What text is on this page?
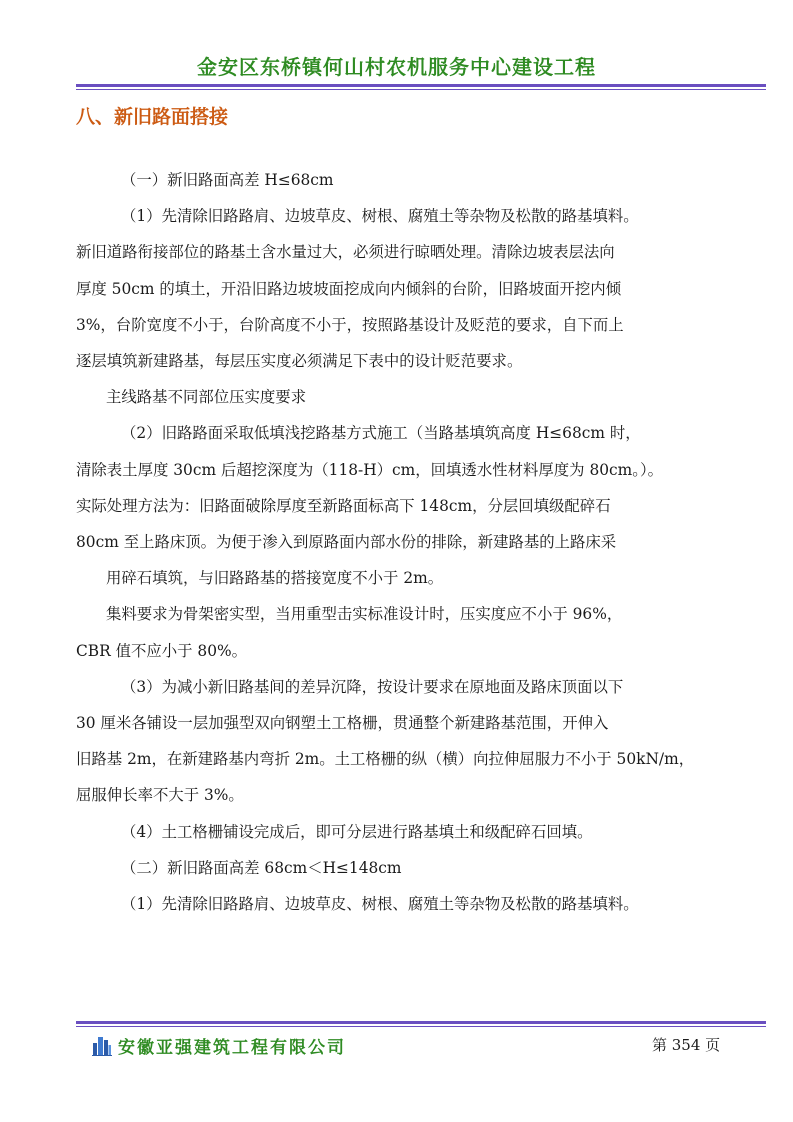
金安区东桥镇何山村农机服务中心建设工程
八、新旧路面搭接

（一）新旧路面高差 H≤68cm

（1）先清除旧路路肩、边坡草皮、树根、腐殖土等杂物及松散的路基填料。

新旧道路衔接部位的路基土含水量过大，必须进行晾晒处理。清除边坡表层法向

厚度 50cm 的填土，开沿旧路边坡坡面挖成向内倾斜的台阶，旧路坡面开挖内倾

3%，台阶宽度不小于，台阶高度不小于，按照路基设计及贬范的要求，自下而上

逐层填筑新建路基，每层压实度必须满足下表中的设计贬范要求。

主线路基不同部位压实度要求

（2）旧路路面采取低填浅挖路基方式施工（当路基填筑高度 H≤68cm 时，

清除表土厚度 30cm 后超挖深度为（118-H）cm，回填透水性材料厚度为 80cm。）。

实际处理方法为：旧路面破除厚度至新路面标高下 148cm，分层回填级配碎石

80cm 至上路床顶。为便于渗入到原路面内部水份的排除，新建路基的上路床采

用碎石填筑，与旧路路基的搭接宽度不小于 2m。

集料要求为骨架密实型，当用重型击实标准设计时，压实度应不小于 96%，

CBR 值不应小于 80%。

（3）为减小新旧路基间的差异沉降，按设计要求在原地面及路床顶面以下

30 厘米各铺设一层加强型双向钢塑土工格栅，贯通整个新建路基范围，开伸入

旧路基 2m，在新建路基内弯折 2m。土工格栅的纵（横）向拉伸屈服力不小于 50kN/m，

屈服伸长率不大于 3%。

（4）土工格栅铺设完成后，即可分层进行路基填土和级配碎石回填。

（二）新旧路面高差 68cm＜H≤148cm

（1）先清除旧路路肩、边坡草皮、树根、腐殖土等杂物及松散的路基填料。

安徽亚强建筑工程有限公司	第 354 页
